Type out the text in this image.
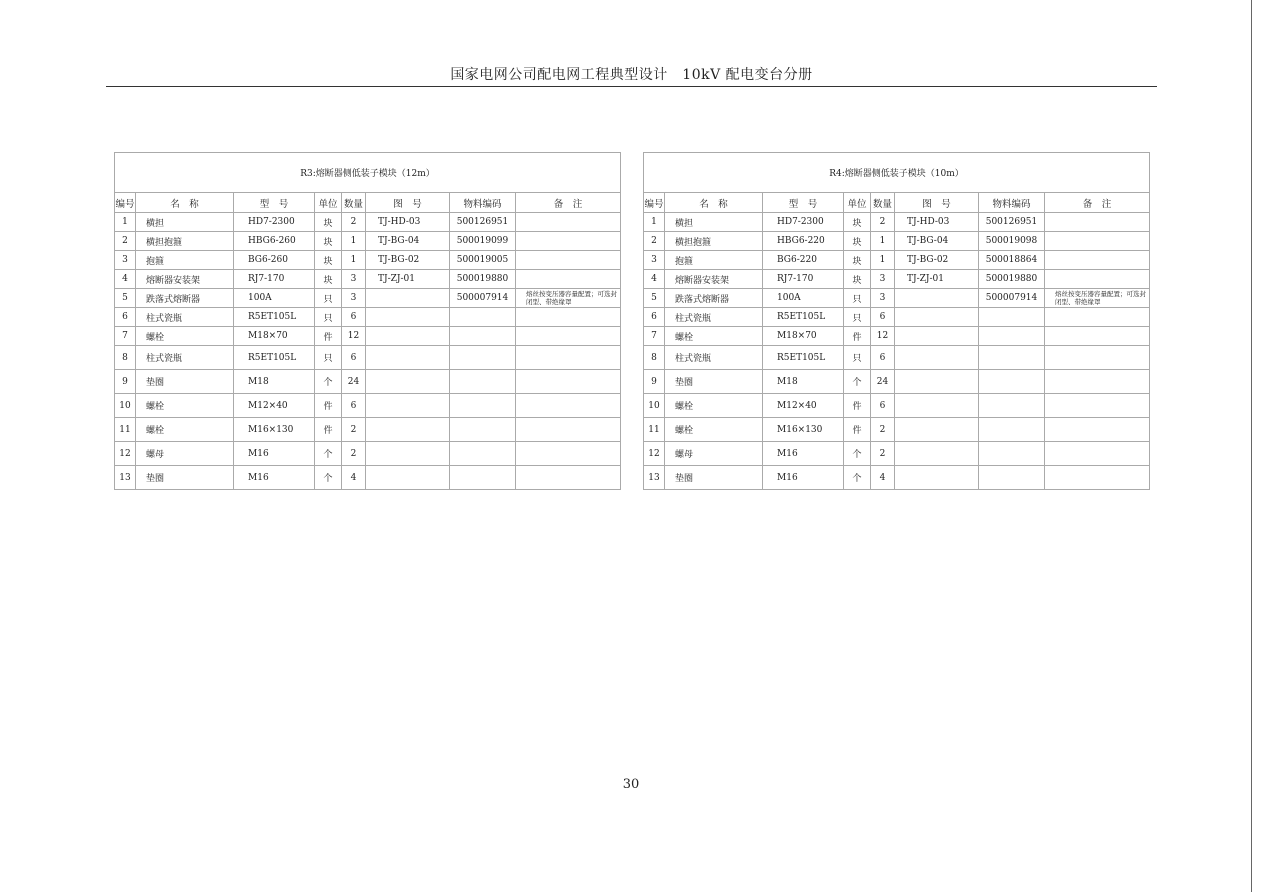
国家电网公司配电网工程典型设计　10kV 配电变台分册
R3:熔断器侧低装子模块（12m）							
编号	名　称	型　号	单位	数量	图　号	物料编码	备　注
1	横担	HD7-2300	块	2	TJ-HD-03	500126951	
2	横担抱箍	HBG6-260	块	1	TJ-BG-04	500019099	
3	抱箍	BG6-260	块	1	TJ-BG-02	500019005	
4	熔断器安装架	RJ7-170	块	3	TJ-ZJ-01	500019880	
5	跌落式熔断器	100A	只	3		500007914	熔丝按变压器容量配置；可选封闭型、带绝缘罩
6	柱式瓷瓶	R5ET105L	只	6			
7	螺栓	M18×70	件	12			
8	柱式瓷瓶	R5ET105L	只	6			
9	垫圈	M18	个	24			
10	螺栓	M12×40	件	6			
11	螺栓	M16×130	件	2			
12	螺母	M16	个	2			
13	垫圈	M16	个	4			
R4:熔断器侧低装子模块（10m）							
编号	名　称	型　号	单位	数量	图　号	物料编码	备　注
1	横担	HD7-2300	块	2	TJ-HD-03	500126951	
2	横担抱箍	HBG6-220	块	1	TJ-BG-04	500019098	
3	抱箍	BG6-220	块	1	TJ-BG-02	500018864	
4	熔断器安装架	RJ7-170	块	3	TJ-ZJ-01	500019880	
5	跌落式熔断器	100A	只	3		500007914	熔丝按变压器容量配置；可选封闭型、带绝缘罩
6	柱式瓷瓶	R5ET105L	只	6			
7	螺栓	M18×70	件	12			
8	柱式瓷瓶	R5ET105L	只	6			
9	垫圈	M18	个	24			
10	螺栓	M12×40	件	6			
11	螺栓	M16×130	件	2			
12	螺母	M16	个	2			
13	垫圈	M16	个	4			
30
